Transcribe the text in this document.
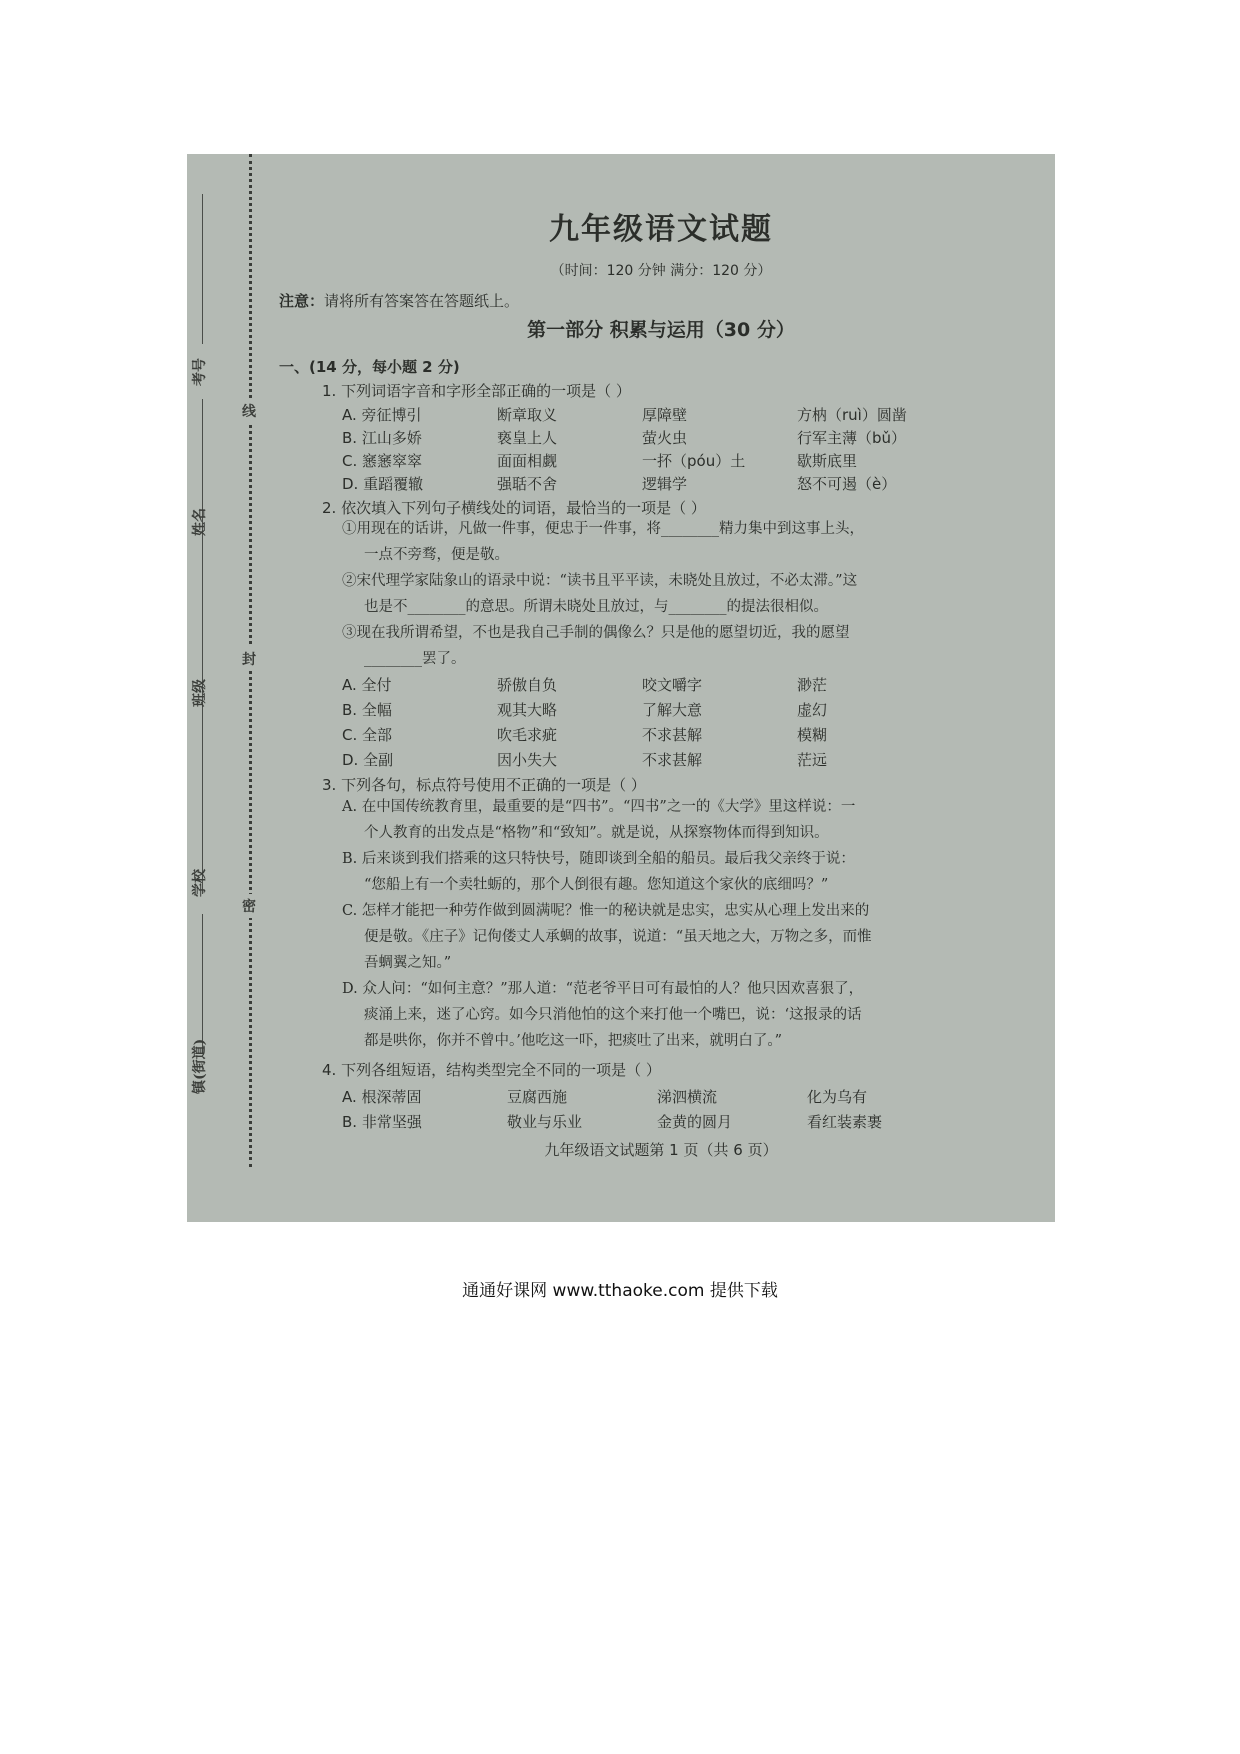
考号
姓名
班级
学校
镇(街道)
线
封
密
九年级语文试题
（时间：120 分钟 满分：120 分）
注意：请将所有答案答在答题纸上。
第一部分 积累与运用（30 分）
一、(14 分，每小题 2 分)
1. 下列词语字音和字形全部正确的一项是（ ）
A. 旁征博引	断章取义	厚障壁	方枘（ruì）圆凿
B. 江山多娇	亵皇上人	萤火虫	行军主薄（bǔ）
C. 窸窸窣窣	面面相觑	一抔（póu）土	歇斯底里
D. 重蹈覆辙	强聒不舍	逻辑学	怒不可遏（è）
2. 依次填入下列句子横线处的词语，最恰当的一项是（ ）
①用现在的话讲，凡做一件事，便忠于一件事，将________精力集中到这事上头，
一点不旁骛，便是敬。
②宋代理学家陆象山的语录中说：“读书且平平读，未晓处且放过，不必太滞。”这
也是不________的意思。所谓未晓处且放过，与________的提法很相似。
③现在我所谓希望，不也是我自己手制的偶像么？只是他的愿望切近，我的愿望
________罢了。
A. 全付	骄傲自负	咬文嚼字	渺茫
B. 全幅	观其大略	了解大意	虚幻
C. 全部	吹毛求疵	不求甚解	模糊
D. 全副	因小失大	不求甚解	茫远
3. 下列各句，标点符号使用不正确的一项是（ ）
A. 在中国传统教育里，最重要的是“四书”。“四书”之一的《大学》里这样说：一
个人教育的出发点是“格物”和“致知”。就是说，从探察物体而得到知识。
B. 后来谈到我们搭乘的这只特快号，随即谈到全船的船员。最后我父亲终于说：
“您船上有一个卖牡蛎的，那个人倒很有趣。您知道这个家伙的底细吗？”
C. 怎样才能把一种劳作做到圆满呢？惟一的秘诀就是忠实，忠实从心理上发出来的
便是敬。《庄子》记佝偻丈人承蜩的故事，说道：“虽天地之大，万物之多，而惟
吾蜩翼之知。”
D. 众人问：“如何主意？”那人道：“范老爷平日可有最怕的人？他只因欢喜狠了，
痰涌上来，迷了心窍。如今只消他怕的这个来打他一个嘴巴，说：‘这报录的话
都是哄你，你并不曾中。’他吃这一吓，把痰吐了出来，就明白了。”
4. 下列各组短语，结构类型完全不同的一项是（ ）
A. 根深蒂固	豆腐西施	涕泗横流	化为乌有
B. 非常坚强	敬业与乐业	金黄的圆月	看红装素裹
九年级语文试题第 1 页（共 6 页）
通通好课网 www.tthaoke.com 提供下载
